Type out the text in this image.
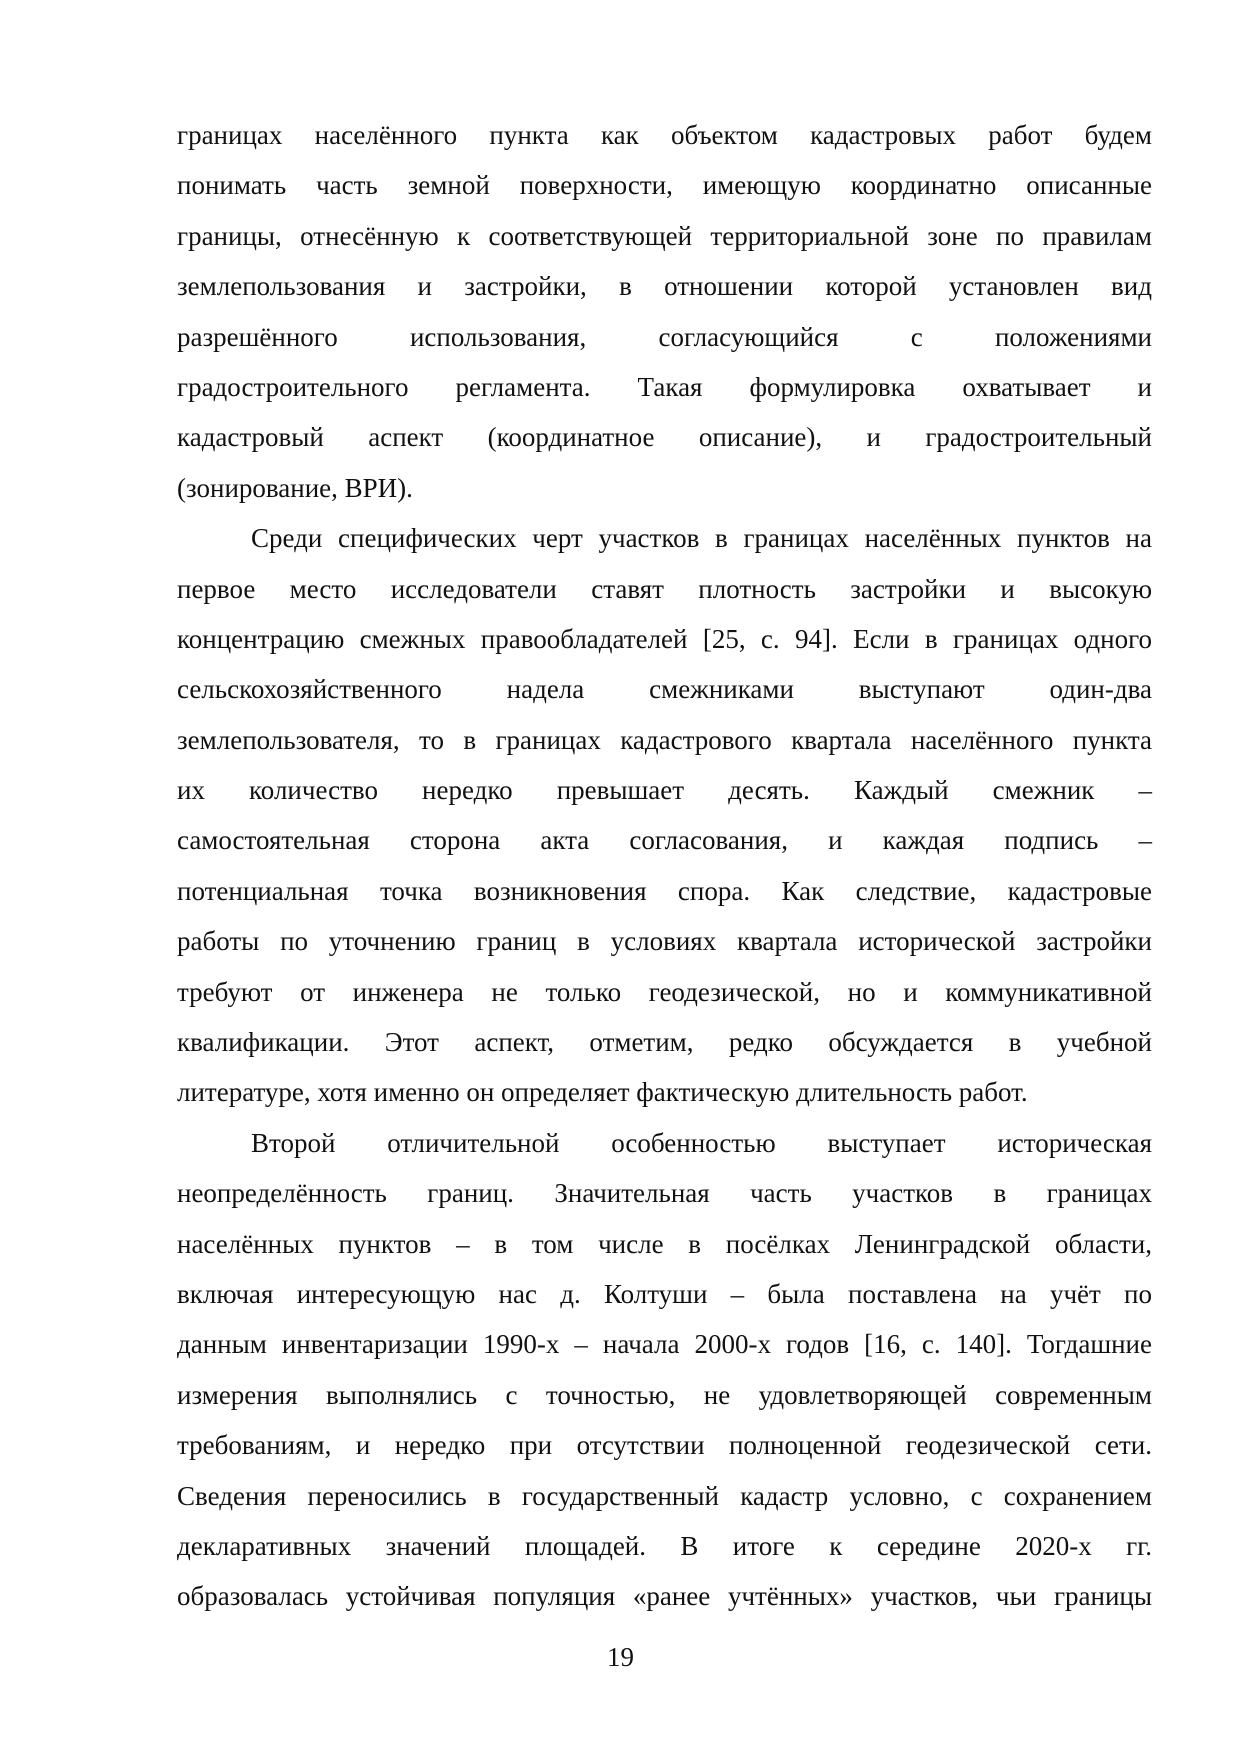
границах населённого пункта как объектом кадастровых работ будем
понимать часть земной поверхности, имеющую координатно описанные
границы, отнесённую к соответствующей территориальной зоне по правилам
землепользования и застройки, в отношении которой установлен вид
разрешённого использования, согласующийся с положениями
градостроительного регламента. Такая формулировка охватывает и
кадастровый аспект (координатное описание), и градостроительный
(зонирование, ВРИ).
Среди специфических черт участков в границах населённых пунктов на
первое место исследователи ставят плотность застройки и высокую
концентрацию смежных правообладателей [25, с. 94]. Если в границах одного
сельскохозяйственного надела смежниками выступают один-два
землепользователя, то в границах кадастрового квартала населённого пункта
их количество нередко превышает десять. Каждый смежник –
самостоятельная сторона акта согласования, и каждая подпись –
потенциальная точка возникновения спора. Как следствие, кадастровые
работы по уточнению границ в условиях квартала исторической застройки
требуют от инженера не только геодезической, но и коммуникативной
квалификации. Этот аспект, отметим, редко обсуждается в учебной
литературе, хотя именно он определяет фактическую длительность работ.
Второй отличительной особенностью выступает историческая
неопределённость границ. Значительная часть участков в границах
населённых пунктов – в том числе в посёлках Ленинградской области,
включая интересующую нас д. Колтуши – была поставлена на учёт по
данным инвентаризации 1990-х – начала 2000-х годов [16, с. 140]. Тогдашние
измерения выполнялись с точностью, не удовлетворяющей современным
требованиям, и нередко при отсутствии полноценной геодезической сети.
Сведения переносились в государственный кадастр условно, с сохранением
декларативных значений площадей. В итоге к середине 2020-х гг.
образовалась устойчивая популяция «ранее учтённых» участков, чьи границы
19
